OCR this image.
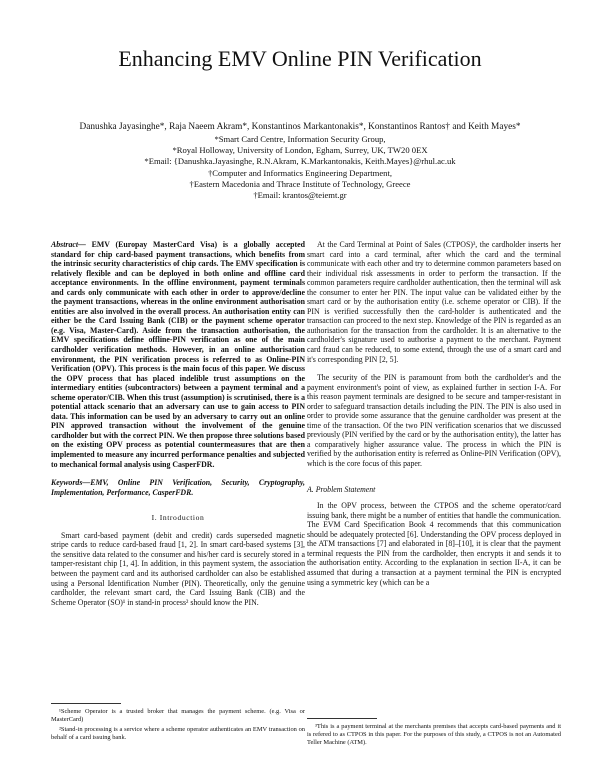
Enhancing EMV Online PIN Verification
Danushka Jayasinghe*, Raja Naeem Akram*, Konstantinos Markantonakis*, Konstantinos Rantos† and Keith Mayes*
*Smart Card Centre, Information Security Group,
*Royal Holloway, University of London, Egham, Surrey, UK, TW20 0EX
*Email: {Danushka.Jayasinghe, R.N.Akram, K.Markantonakis, Keith.Mayes}@rhul.ac.uk
†Computer and Informatics Engineering Department,
†Eastern Macedonia and Thrace Institute of Technology, Greece
†Email: krantos@teiemt.gr
Abstract— EMV (Europay MasterCard Visa) is a globally accepted standard for chip card-based payment transactions, which benefits from the intrinsic security characteristics of chip cards. The EMV specification is relatively flexible and can be deployed in both online and offline card acceptance environments. In the offline environment, payment terminals and cards only communicate with each other in order to approve/decline the payment transactions, whereas in the online environment authorisation entities are also involved in the overall process. An authorisation entity can either be the Card Issuing Bank (CIB) or the payment scheme operator (e.g. Visa, Master-Card). Aside from the transaction authorisation, the EMV specifications define offline-PIN verification as one of the main cardholder verification methods. However, in an online authorisation environment, the PIN verification process is referred to as Online-PIN Verification (OPV). This process is the main focus of this paper. We discuss the OPV process that has placed indelible trust assumptions on the intermediary entities (subcontractors) between a payment terminal and a scheme operator/CIB. When this trust (assumption) is scrutinised, there is a potential attack scenario that an adversary can use to gain access to PIN data. This information can be used by an adversary to carry out an online PIN approved transaction without the involvement of the genuine cardholder but with the correct PIN. We then propose three solutions based on the existing OPV process as potential countermeasures that are then implemented to measure any incurred performance penalties and subjected to mechanical formal analysis using CasperFDR.
Keywords—EMV, Online PIN Verification, Security, Cryptography, Implementation, Performance, CasperFDR.
I. Introduction

Smart card-based payment (debit and credit) cards superseded magnetic stripe cards to reduce card-based fraud [1, 2]. In smart card-based systems [3], the sensitive data related to the consumer and his/her card is securely stored in a tamper-resistant chip [1, 4]. In addition, in this payment system, the association between the payment card and its authorised cardholder can also be established using a Personal Identification Number (PIN). Theoretically, only the genuine cardholder, the relevant smart card, the Card Issuing Bank (CIB) and the Scheme Operator (SO)¹ in stand-in process² should know the PIN.

At the Card Terminal at Point of Sales (CTPOS)³, the cardholder inserts her smart card into a card terminal, after which the card and the terminal communicate with each other and try to determine common parameters based on their individual risk assessments in order to perform the transaction. If the common parameters require cardholder authentication, then the terminal will ask the consumer to enter her PIN. The input value can be validated either by the smart card or by the authorisation entity (i.e. scheme operator or CIB). If the PIN is verified successfully then the card-holder is authenticated and the transaction can proceed to the next step. Knowledge of the PIN is regarded as an authorisation for the transaction from the cardholder. It is an alternative to the cardholder's signature used to authorise a payment to the merchant. Payment card fraud can be reduced, to some extend, through the use of a smart card and it's corresponding PIN [2, 5].

The security of the PIN is paramount from both the cardholder's and the payment environment's point of view, as explained further in section I-A. For this reason payment terminals are designed to be secure and tamper-resistant in order to safeguard transaction details including the PIN. The PIN is also used in order to provide some assurance that the genuine cardholder was present at the time of the transaction. Of the two PIN verification scenarios that we discussed previously (PIN verified by the card or by the authorisation entity), the latter has a comparatively higher assurance value. The process in which the PIN is verified by the authorisation entity is referred as Online-PIN Verification (OPV), which is the core focus of this paper.

A. Problem Statement

In the OPV process, between the CTPOS and the scheme operator/card issuing bank, there might be a number of entities that handle the communication. The EVM Card Specification Book 4 recommends that this communication should be adequately protected [6]. Understanding the OPV process deployed in the ATM transactions [7] and elaborated in [8]–[10], it is clear that the payment terminal requests the PIN from the cardholder, then encrypts it and sends it to the authorisation entity. According to the explanation in section II-A, it can be assumed that during a transaction at a payment terminal the PIN is encrypted using a symmetric key (which can be a

¹Scheme Operator is a trusted broker that manages the payment scheme. (e.g. Visa or MasterCard)

²Stand-in processing is a service where a scheme operator authenticates an EMV transaction on behalf of a card issuing bank.

³This is a payment terminal at the merchants premises that accepts card-based payments and it is refered to as CTPOS in this paper. For the purposes of this study, a CTPOS is not an Automated Teller Machine (ATM).
